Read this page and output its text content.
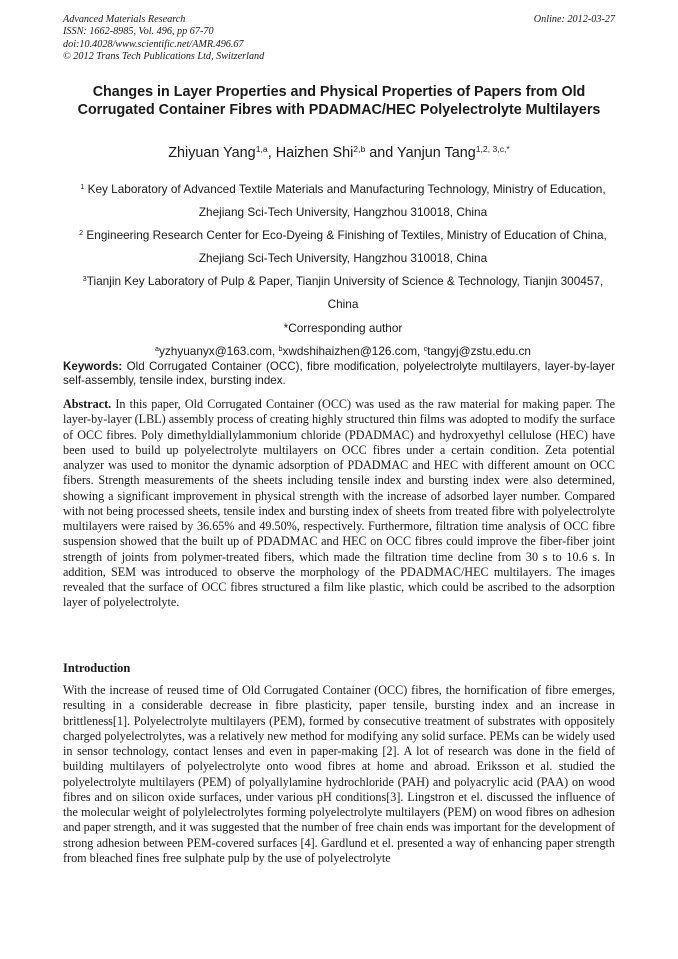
Advanced Materials Research
ISSN: 1662-8985, Vol. 496, pp 67-70
doi:10.4028/www.scientific.net/AMR.496.67
© 2012 Trans Tech Publications Ltd, Switzerland
Online: 2012-03-27
Changes in Layer Properties and Physical Properties of Papers from Old Corrugated Container Fibres with PDADMAC/HEC Polyelectrolyte Multilayers
Zhiyuan Yang$^{1,a}$, Haizhen Shi$^{2,b}$ and Yanjun Tang$^{1,2, 3,c,*}$

$^1$ Key Laboratory of Advanced Textile Materials and Manufacturing Technology, Ministry of Education, Zhejiang Sci-Tech University, Hangzhou 310018, China

$^2$ Engineering Research Center for Eco-Dyeing & Finishing of Textiles, Ministry of Education of China, Zhejiang Sci-Tech University, Hangzhou 310018, China

$^3$Tianjin Key Laboratory of Pulp & Paper, Tianjin University of Science & Technology, Tianjin 300457, China

*Corresponding author

$^a$yzhyuanyx@163.com, $^b$xwdshihaizhen@126.com, $^c$tangyj@zstu.edu.cn

Keywords: Old Corrugated Container (OCC), fibre modification, polyelectrolyte multilayers, layer-by-layer self-assembly, tensile index, bursting index.

Abstract. In this paper, Old Corrugated Container (OCC) was used as the raw material for making paper. The layer-by-layer (LBL) assembly process of creating highly structured thin films was adopted to modify the surface of OCC fibres. Poly dimethyldiallylammonium chloride (PDADMAC) and hydroxyethyl cellulose (HEC) have been used to build up polyelectrolyte multilayers on OCC fibres under a certain condition. Zeta potential analyzer was used to monitor the dynamic adsorption of PDADMAC and HEC with different amount on OCC fibers. Strength measurements of the sheets including tensile index and bursting index were also determined, showing a significant improvement in physical strength with the increase of adsorbed layer number. Compared with not being processed sheets, tensile index and bursting index of sheets from treated fibre with polyelectrolyte multilayers were raised by 36.65% and 49.50%, respectively. Furthermore, filtration time analysis of OCC fibre suspension showed that the built up of PDADMAC and HEC on OCC fibres could improve the fiber-fiber joint strength of joints from polymer-treated fibers, which made the filtration time decline from 30 s to 10.6 s. In addition, SEM was introduced to observe the morphology of the PDADMAC/HEC multilayers. The images revealed that the surface of OCC fibres structured a film like plastic, which could be ascribed to the adsorption layer of polyelectrolyte.

Introduction

With the increase of reused time of Old Corrugated Container (OCC) fibres, the hornification of fibre emerges, resulting in a considerable decrease in fibre plasticity, paper tensile, bursting index and an increase in brittleness[1]. Polyelectrolyte multilayers (PEM), formed by consecutive treatment of substrates with oppositely charged polyelectrolytes, was a relatively new method for modifying any solid surface. PEMs can be widely used in sensor technology, contact lenses and even in paper-making [2]. A lot of research was done in the field of building multilayers of polyelectrolyte onto wood fibres at home and abroad. Eriksson et al. studied the polyelectrolyte multilayers (PEM) of polyallylamine hydrochloride (PAH) and polyacrylic acid (PAA) on wood fibres and on silicon oxide surfaces, under various pH conditions[3]. Lingstron et el. discussed the influence of the molecular weight of polylelectrolytes forming polyelectrolyte multilayers (PEM) on wood fibres on adhesion and paper strength, and it was suggested that the number of free chain ends was important for the development of strong adhesion between PEM-covered surfaces [4]. Gardlund et el. presented a way of enhancing paper strength from bleached fines free sulphate pulp by the use of polyelectrolyte
